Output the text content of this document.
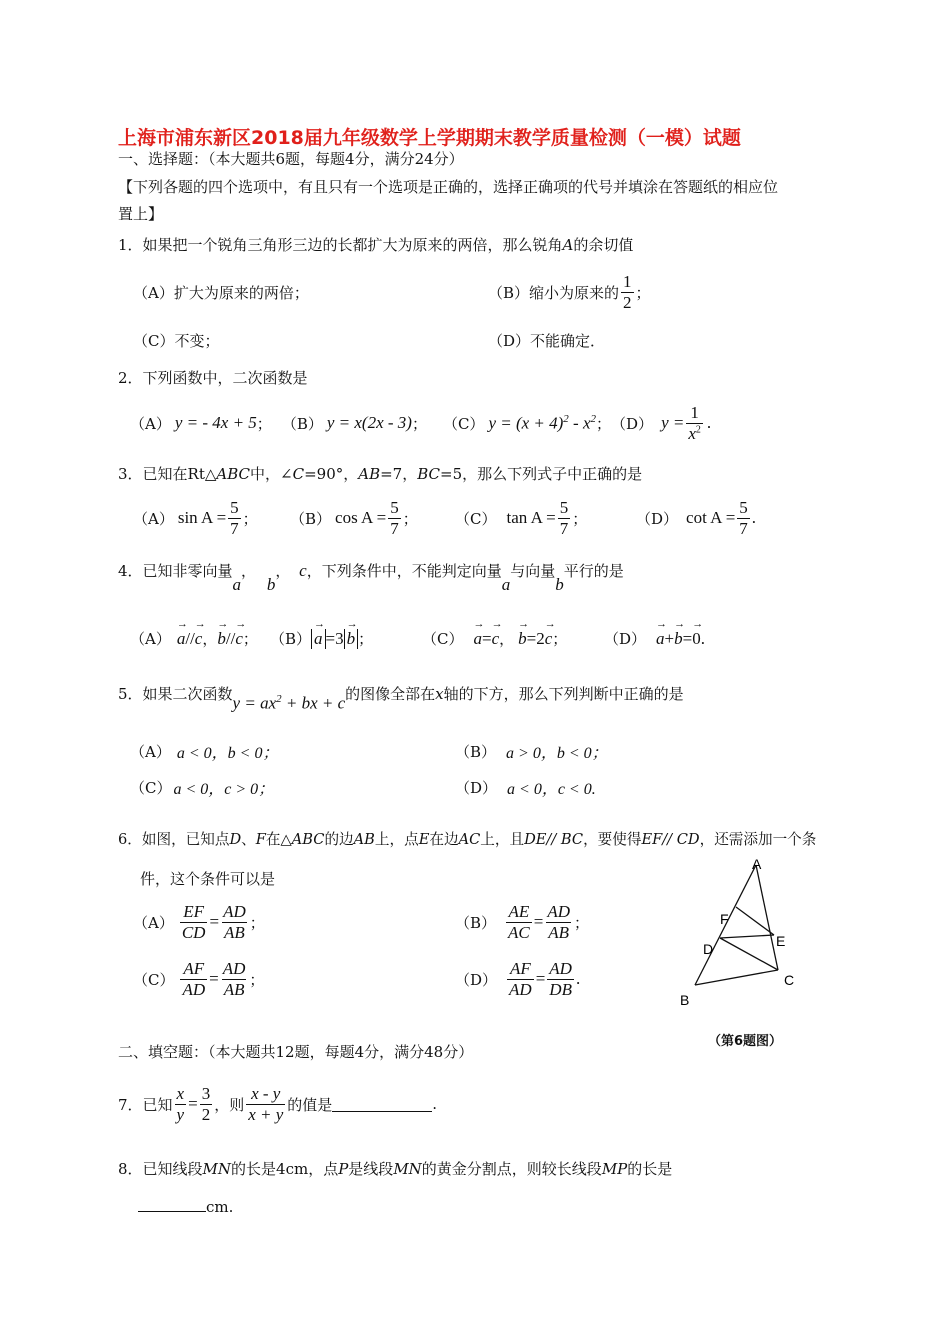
上海市浦东新区2018届九年级数学上学期期末教学质量检测（一模）试题
一、选择题：（本大题共6题，每题4分，满分24分）
【下列各题的四个选项中，有且只有一个选项是正确的，选择正确项的代号并填涂在答题纸的相应位
置上】
1．如果把一个锐角三角形三边的长都扩大为原来的两倍，那么锐角A的余切值
（A）扩大为原来的两倍；	（B）缩小为原来的 $\frac{1}{2}$ ；
（C）不变；	（D）不能确定．
2．下列函数中，二次函数是
（A） y = - 4x + 5 ； （B） y = x(2x - 3) ； （C） $y = (x + 4)^2 - x^2$ ； （D） $y = \frac{1}{x^2}$ .
3．已知在Rt△ABC中，∠C=90°，AB=7，BC=5，那么下列式子中正确的是
（A） $\sin A = \frac{5}{7}$ ； （B） $\cos A = \frac{5}{7}$ ； （C） $\tan A = \frac{5}{7}$ ；	（D） $\cot A = \frac{5}{7}$ .
4．已知非零向量a， b， c，下列条件中，不能判定向量a与向量b平行的是
（A） → a // → c ， → b // → c ； （B） → a =3 → b ；	（C） → a = → c ， → b =2 → c ； （D） → a + → b = → 0 .
5．如果二次函数 $y = ax^2$ + bx + c 的图像全部在 x 轴的下方，那么下列判断中正确的是
（A） a < 0，b < 0；	（B） a > 0，b < 0；
（C） a < 0，c > 0；	（D） a < 0，c < 0.
6．如图，已知点D、F在△ABC的边AB上，点E在边AC上，且DE// BC，要使得EF// CD，还需添加一个条
件，这个条件可以是
$(A) \frac{EF}{CD} = \frac{AD}{AB}$ ；	$(B) \frac{AE}{AC} = \frac{AD}{AB}$ ；
$(C) \frac{AF}{AD} = \frac{AD}{AB}$ ；	$(D) \frac{AF}{AD} = \frac{AD}{DB}$ .
A
F
D	E
C
B
（第6题图）
二、填空题：（本大题共12题，每题4分，满分48分）
7．已知 $\frac{x}{y} = \frac{3}{2}$ ，则 $\frac{x - y}{x + y}$ 的值是	.
8．已知线段MN的长是4cm，点P是线段MN的黄金分割点，则较长线段MP的长是
cm.
